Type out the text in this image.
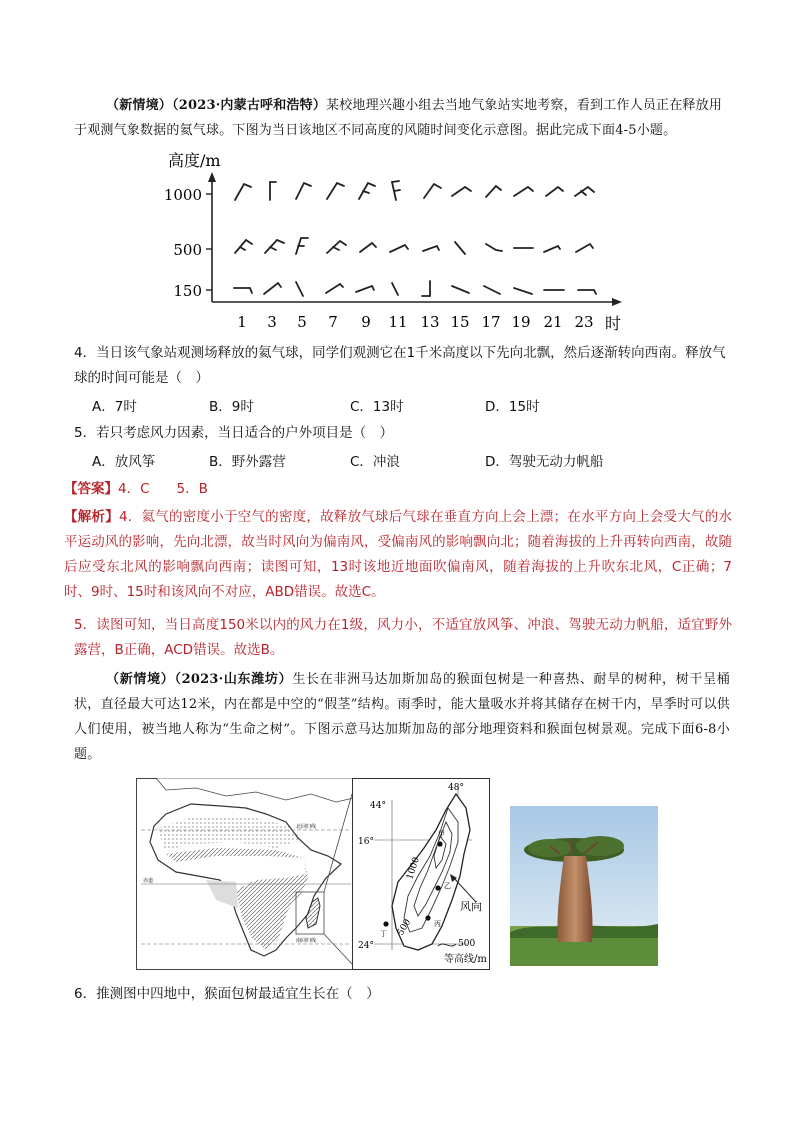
（新情境）（2023·内蒙古呼和浩特）某校地理兴趣小组去当地气象站实地考察，看到工作人员正在释放用于观测气象数据的氦气球。下图为当日该地区不同高度的风随时间变化示意图。据此完成下面4-5小题。
高度/m
1000
500
150
1 3 5 7 9 11 13 15 17 19 21 23 时
4．当日该气象站观测场释放的氦气球，同学们观测它在1千米高度以下先向北飘，然后逐渐转向西南。释放气球的时间可能是（　）
A．7时	B．9时	C．13时	D．15时
5．若只考虑风力因素，当日适合的户外项目是（　）
A．放风筝	B．野外露营	C．冲浪	D．驾驶无动力帆船
【答案】4．C　　5．B
【解析】4．氦气的密度小于空气的密度，故释放气球后气球在垂直方向上会上漂；在水平方向上会受大气的水平运动风的影响，先向北漂，故当时风向为偏南风，受偏南风的影响飘向北；随着海拔的上升再转向西南，故随后应受东北风的影响飘向西南；读图可知，13时该地近地面吹偏南风，随着海拔的上升吹东北风，C正确；7时、9时、15时和该风向不对应，ABD错误。故选C。
5．读图可知，当日高度150米以内的风力在1级，风力小，不适宜放风筝、冲浪、驾驶无动力帆船，适宜野外露营，B正确，ACD错误。故选B。
（新情境）（2023·山东潍坊）生长在非洲马达加斯加岛的猴面包树是一种喜热、耐旱的树种，树干呈桶状，直径最大可达12米，内在都是中空的“假茎”结构。雨季时，能大量吸水并将其储存在树干内，旱季时可以供人们使用，被当地人称为“生命之树”。下图示意马达加斯加岛的部分地理资料和猴面包树景观。完成下面6-8小题。
北回归线
赤道
南回归线
48°
44°
16°
24°
1000
500
甲
乙
丙
丁
风向
500
等高线/m
6．推测图中四地中，猴面包树最适宜生长在（　）
